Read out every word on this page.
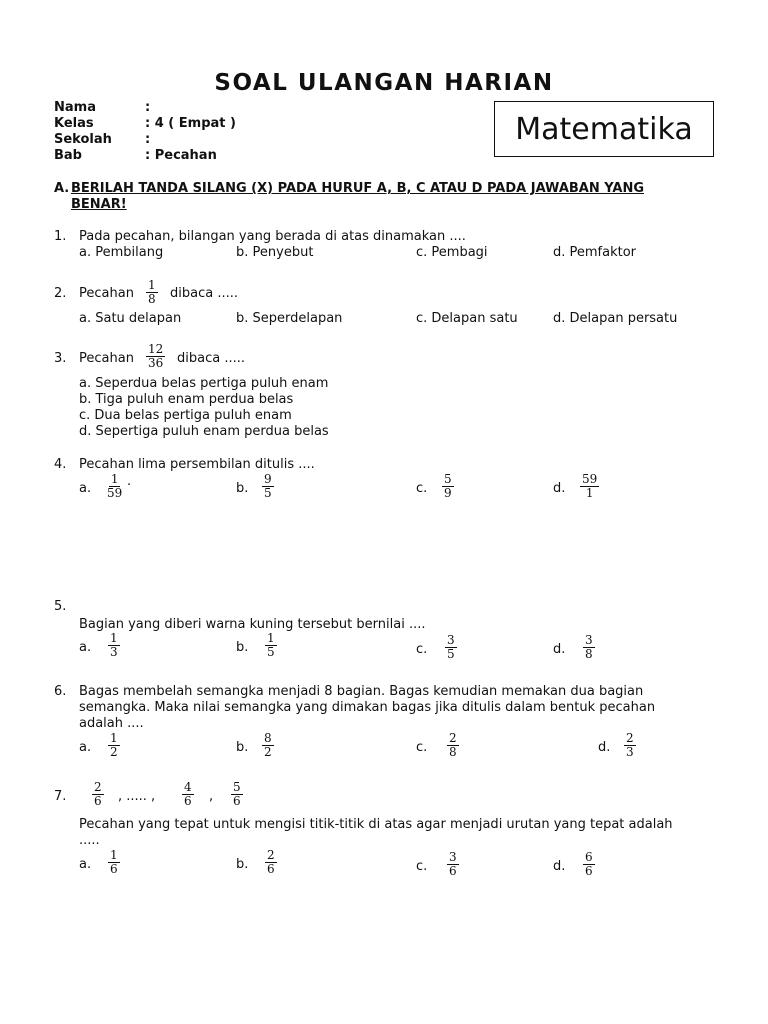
SOAL ULANGAN HARIAN
Matematika
Nama	:
Kelas	: 4 ( Empat )
Sekolah	:
Bab	: Pecahan
A. BERILAH TANDA SILANG (X) PADA HURUF A, B, C ATAU D PADA JAWABAN YANG
BENAR!
1. Pada pecahan, bilangan yang berada di atas dinamakan ....
a. Pembilang	b. Penyebut	c. Pembagi	d. Pemfaktor
2. Pecahan $\frac{1}{8}$ dibaca .....
a. Satu delapan	b. Seperdelapan	c. Delapan satu	d. Delapan persatu
3. Pecahan $\frac{12}{36}$ dibaca .....
a. Seperdua belas pertiga puluh enam
b. Tiga puluh enam perdua belas
c. Dua belas pertiga puluh enam
d. Sepertiga puluh enam perdua belas
4. Pecahan lima persembilan ditulis ....
a. $\frac{1}{59}$ .	b. $\frac{9}{5}$	c. $\frac{5}{9}$	d. $\frac{59}{1}$
5.
Bagian yang diberi warna kuning tersebut bernilai ....
a. $\frac{1}{3}$	b. $\frac{1}{5}$	c. $\frac{3}{5}$	d. $\frac{3}{8}$
6. Bagas membelah semangka menjadi 8 bagian. Bagas kemudian memakan dua bagian
semangka. Maka nilai semangka yang dimakan bagas jika ditulis dalam bentuk pecahan
adalah ....
a. $\frac{1}{2}$	b. $\frac{8}{2}$	c. $\frac{2}{8}$	d. $\frac{2}{3}$
7. $\frac{2}{6}$ , ..... , $\frac{4}{6}$ , $\frac{5}{6}$
Pecahan yang tepat untuk mengisi titik-titik di atas agar menjadi urutan yang tepat adalah
.....
a. $\frac{1}{6}$	b. $\frac{2}{6}$	c. $\frac{3}{6}$	d. $\frac{6}{6}$
